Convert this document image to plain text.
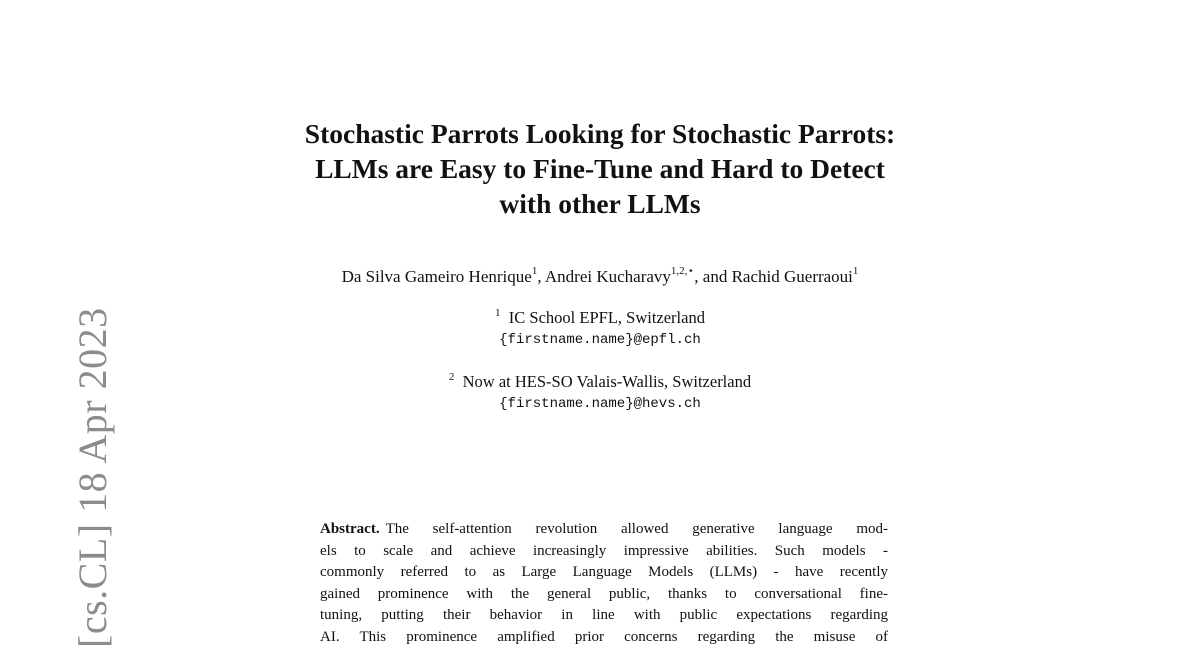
[cs.CL] 18 Apr 2023
Stochastic Parrots Looking for Stochastic Parrots:
LLMs are Easy to Fine-Tune and Hard to Detect
with other LLMs
Da Silva Gameiro Henrique$^1$, Andrei Kucharavy$^{1,2,⋆}$, and Rachid Guerraoui$^1$
$^1$ IC School EPFL, Switzerland
{firstname.name}@epfl.ch
$^2$ Now at HES-SO Valais-Wallis, Switzerland
{firstname.name}@hevs.ch
Abstract. The self-attention revolution allowed generative language mod-
els to scale and achieve increasingly impressive abilities. Such models -
commonly referred to as Large Language Models (LLMs) - have recently
gained prominence with the general public, thanks to conversational fine-
tuning, putting their behavior in line with public expectations regarding
AI. This prominence amplified prior concerns regarding the misuse of
